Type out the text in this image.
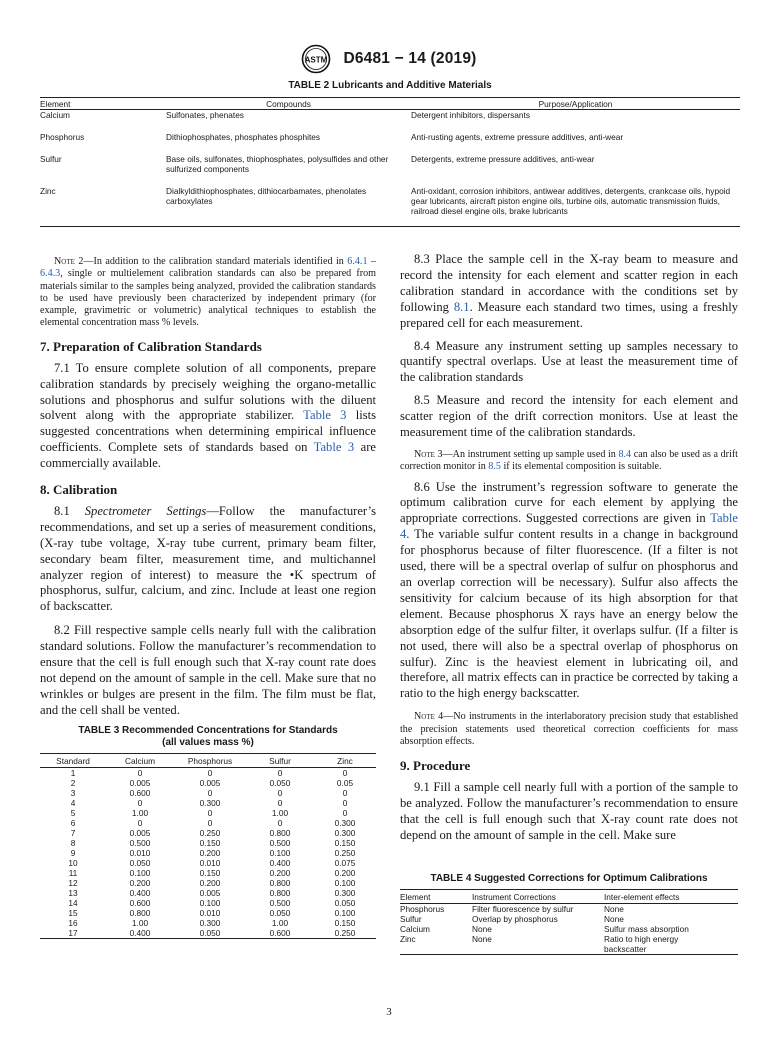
ASTM D6481 − 14 (2019)
TABLE 2 Lubricants and Additive Materials
Element	Compounds	Purpose/Application
Calcium	Sulfonates, phenates	Detergent inhibitors, dispersants
Phosphorus	Dithiophosphates, phosphates phosphites	Anti-rusting agents, extreme pressure additives, anti-wear
Sulfur	Base oils, sulfonates, thiophosphates, polysulfides and other sulfurized components	Detergents, extreme pressure additives, anti-wear
Zinc	Dialkyldithiophosphates, dithiocarbamates, phenolates carboxylates	Anti-oxidant, corrosion inhibitors, antiwear additives, detergents, crankcase oils, hypoid gear lubricants, aircraft piston engine oils, turbine oils, automatic transmission fluids, railroad diesel engine oils, brake lubricants

Note 2—In addition to the calibration standard materials identified in 6.4.1 – 6.4.3, single or multielement calibration standards can also be prepared from materials similar to the samples being analyzed, provided the calibration standards to be used have previously been characterized by independent primary (for example, gravimetric or volumetric) analytical techniques to establish the elemental concentration mass % levels.

7. Preparation of Calibration Standards

7.1 To ensure complete solution of all components, prepare calibration standards by precisely weighing the organo-metallic solutions and phosphorus and sulfur solutions with the diluent solvent along with the appropriate stabilizer. Table 3 lists suggested concentrations when determining empirical influence coefficients. Complete sets of standards based on Table 3 are commercially available.

8. Calibration

8.1 Spectrometer Settings—Follow the manufacturer’s recommendations, and set up a series of measurement conditions, (X-ray tube voltage, X-ray tube current, primary beam filter, secondary beam filter, measurement time, and multichannel analyzer region of interest) to measure the •K spectrum of phosphorus, sulfur, calcium, and zinc. Include at least one region of backscatter.

8.2 Fill respective sample cells nearly full with the calibration standard solutions. Follow the manufacturer’s recommendation to ensure that the cell is full enough such that X-ray count rate does not depend on the amount of sample in the cell. Make sure that no wrinkles or bulges are present in the film. The film must be flat, and the cell shall be vented.

TABLE 3 Recommended Concentrations for Standards
(all values mass %)
Standard	Calcium	Phosphorus	Sulfur	Zinc
1	0	0	0	0
2	0.005	0.005	0.050	0.05
3	0.600	0	0	0
4	0	0.300	0	0
5	1.00	0	1.00	0
6	0	0	0	0.300
7	0.005	0.250	0.800	0.300
8	0.500	0.150	0.500	0.150
9	0.010	0.200	0.100	0.250
10	0.050	0.010	0.400	0.075
11	0.100	0.150	0.200	0.200
12	0.200	0.200	0.800	0.100
13	0.400	0.005	0.800	0.300
14	0.600	0.100	0.500	0.050
15	0.800	0.010	0.050	0.100
16	1.00	0.300	1.00	0.150
17	0.400	0.050	0.600	0.250

8.3 Place the sample cell in the X-ray beam to measure and record the intensity for each element and scatter region in each calibration standard in accordance with the conditions set by following 8.1. Measure each standard two times, using a freshly prepared cell for each measurement.

8.4 Measure any instrument setting up samples necessary to quantify spectral overlaps. Use at least the measurement time of the calibration standards

8.5 Measure and record the intensity for each element and scatter region of the drift correction monitors. Use at least the measurement time of the calibration standards.

Note 3—An instrument setting up sample used in 8.4 can also be used as a drift correction monitor in 8.5 if its elemental composition is suitable.

8.6 Use the instrument’s regression software to generate the optimum calibration curve for each element by applying the appropriate corrections. Suggested corrections are given in Table 4. The variable sulfur content results in a change in background for phosphorus because of filter fluorescence. (If a filter is not used, there will be a spectral overlap of sulfur on phosphorus and an overlap correction will be necessary). Sulfur also affects the sensitivity for calcium because of its high absorption for that element. Because phosphorus X rays have an energy below the absorption edge of the sulfur filter, it overlaps sulfur. (If a filter is not used, there will also be a spectral overlap of phosphorus on sulfur). Zinc is the heaviest element in lubricating oil, and therefore, all matrix effects can in practice be corrected by taking a ratio to the high energy backscatter.

Note 4—No instruments in the interlaboratory precision study that established the precision statements used theoretical correction coefficients for mass absorption effects.

9. Procedure

9.1 Fill a sample cell nearly full with a portion of the sample to be analyzed. Follow the manufacturer’s recommendation to ensure that the cell is full enough such that X-ray count rate does not depend on the amount of sample in the cell. Make sure

TABLE 4 Suggested Corrections for Optimum Calibrations
Element	Instrument Corrections	Inter-element effects
Phosphorus	Filter fluorescence by sulfur	None
Sulfur	Overlap by phosphorus	None
Calcium	None	Sulfur mass absorption
Zinc	None	Ratio to high energy backscatter
3
